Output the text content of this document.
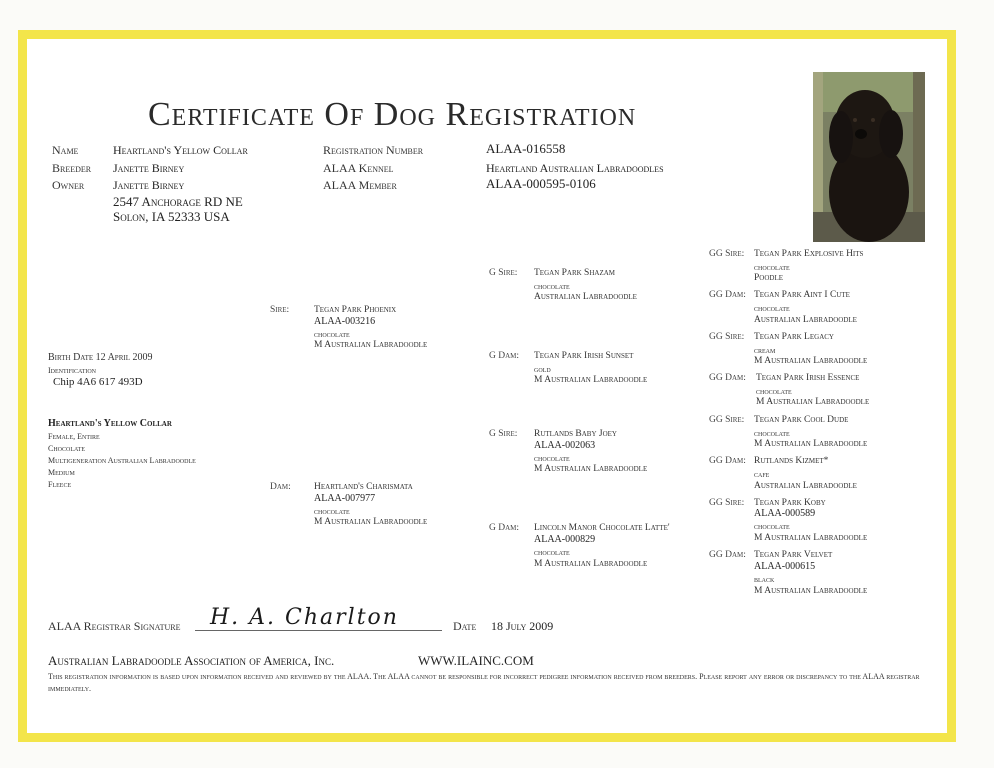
Certificate Of Dog Registration
Name	Heartland's Yellow Collar
Breeder Janette Birney
Owner Janette Birney
2547 Anchorage RD NE
Solon, IA 52333 USA
Registration Number	ALAA-016558
ALAA Kennel	Heartland Australian Labradoodles
ALAA Member	ALAA-000595-0106
Birth Date 12 April 2009
Identification
Chip 4A6 617 493D
Heartland's Yellow Collar
Female, Entire
Chocolate
Multigeneration Australian Labradoodle
Medium
Fleece
Sire:	Tegan Park Phoenix
ALAA-003216
chocolate
M Australian Labradoodle
Dam: Heartland's Charismata
ALAA-007977
chocolate
M Australian Labradoodle
G Sire: Tegan Park Shazam
chocolate
Australian Labradoodle
G Dam: Tegan Park Irish Sunset
gold
M Australian Labradoodle
G Sire: Rutlands Baby Joey
ALAA-002063
chocolate
M Australian Labradoodle
G Dam: Lincoln Manor Chocolate Latte'
ALAA-000829
chocolate
M Australian Labradoodle
GG Sire: Tegan Park Explosive Hits
chocolate
Poodle
GG Dam: Tegan Park Aint I Cute
chocolate
Australian Labradoodle
GG Sire: Tegan Park Legacy
cream
M Australian Labradoodle
GG Dam: Tegan Park Irish Essence
chocolate
M Australian Labradoodle
GG Sire: Tegan Park Cool Dude
chocolate
M Australian Labradoodle
GG Dam: Rutlands Kizmet*
cafe
Australian Labradoodle
GG Sire: Tegan Park Koby
ALAA-000589
chocolate
M Australian Labradoodle
GG Dam: Tegan Park Velvet
ALAA-000615
black
M Australian Labradoodle
ALAA Registrar Signature H. A. Charlton	Date 18 July 2009
Australian Labradoodle Association of America, Inc.	WWW.ILAINC.COM
This registration information is based upon information received and reviewed by the ALAA. The ALAA cannot be responsible for incorrect pedigree information received from breeders. Please report any error or discrepancy to the ALAA registrar immediately.
